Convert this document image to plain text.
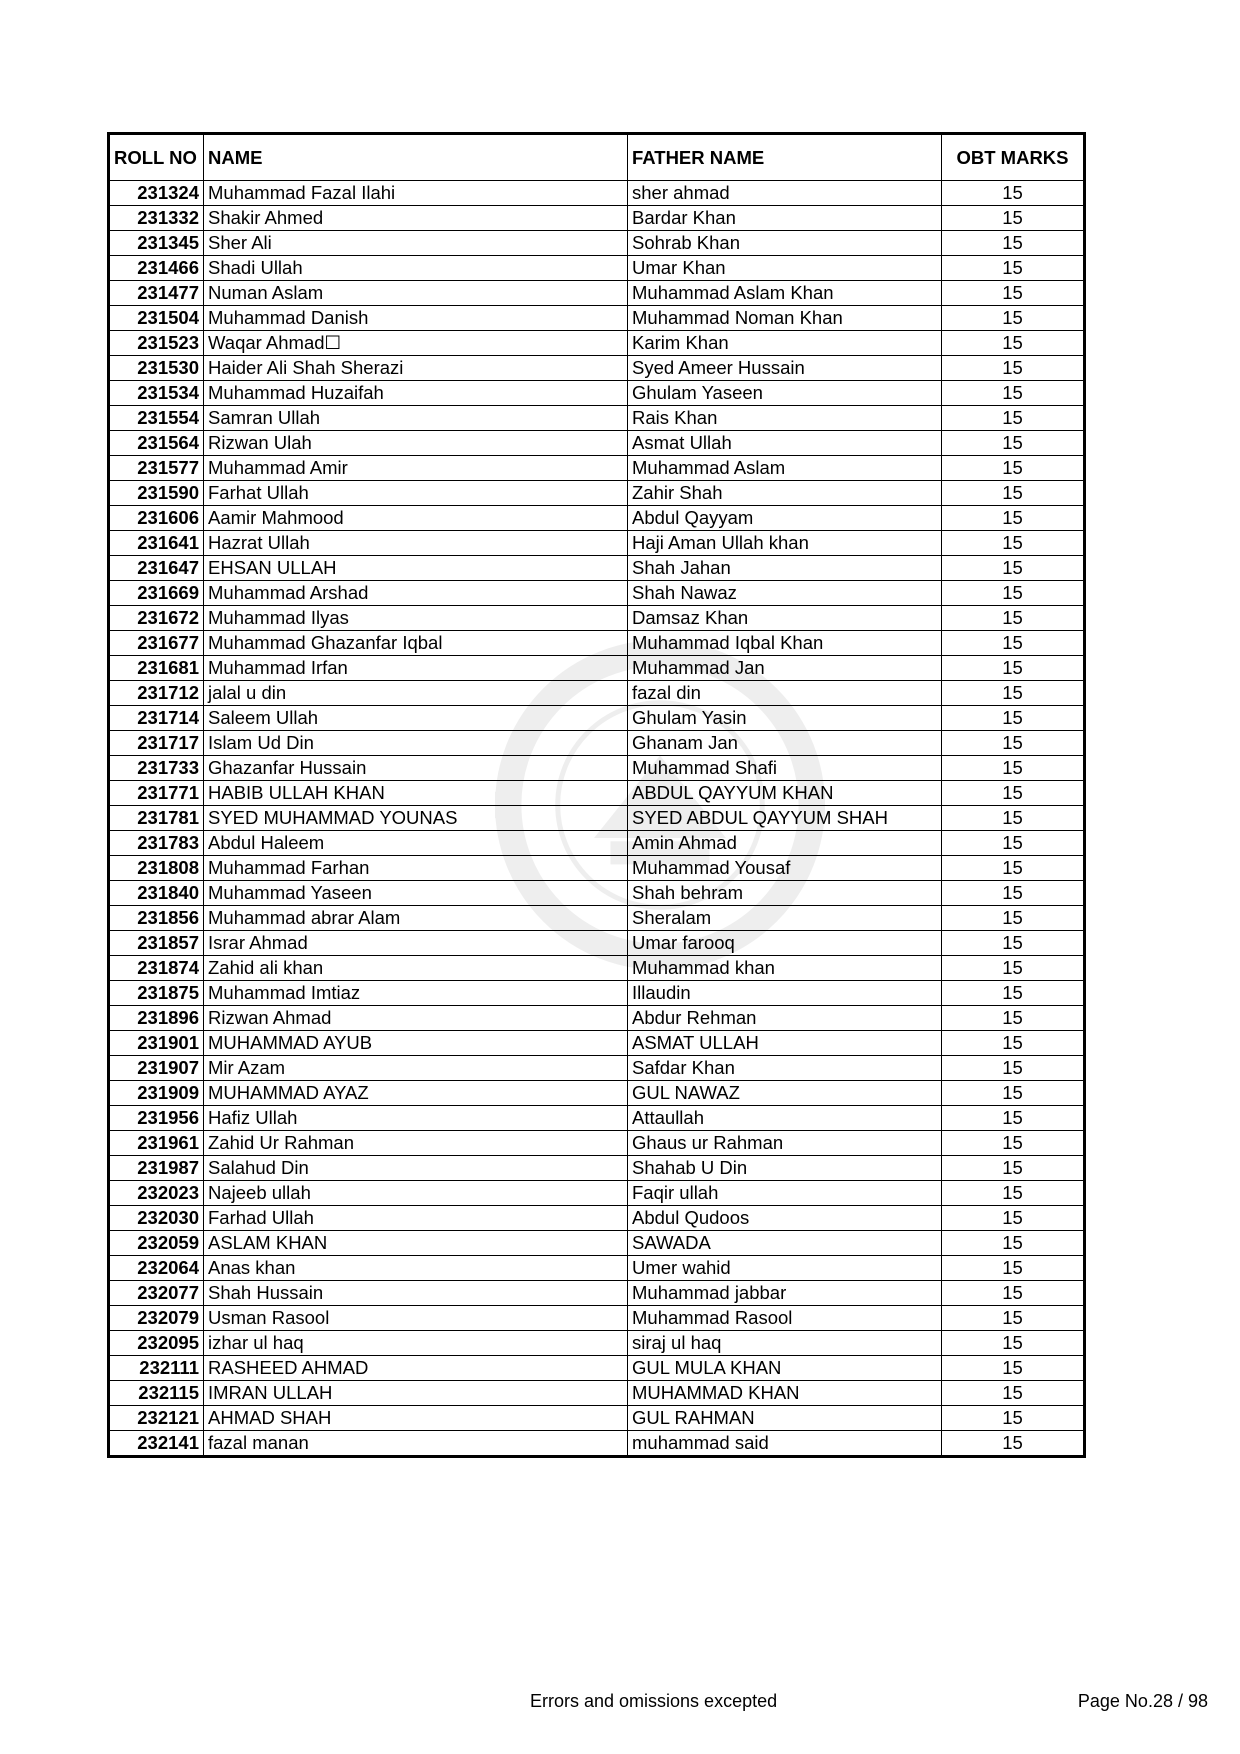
ROLL NO	NAME	FATHER NAME	OBT MARKS
231324	Muhammad Fazal Ilahi	sher ahmad	15
231332	Shakir Ahmed	Bardar Khan	15
231345	Sher Ali	Sohrab Khan	15
231466	Shadi Ullah	Umar Khan	15
231477	Numan Aslam	Muhammad Aslam Khan	15
231504	Muhammad Danish	Muhammad Noman Khan	15
231523	Waqar Ahmad☐	Karim Khan	15
231530	Haider Ali Shah Sherazi	Syed Ameer Hussain	15
231534	Muhammad Huzaifah	Ghulam Yaseen	15
231554	Samran Ullah	Rais Khan	15
231564	Rizwan Ulah	Asmat Ullah	15
231577	Muhammad Amir	Muhammad Aslam	15
231590	Farhat Ullah	Zahir Shah	15
231606	Aamir Mahmood	Abdul Qayyam	15
231641	Hazrat Ullah	Haji Aman Ullah khan	15
231647	EHSAN ULLAH	Shah Jahan	15
231669	Muhammad Arshad	Shah Nawaz	15
231672	Muhammad Ilyas	Damsaz Khan	15
231677	Muhammad Ghazanfar Iqbal	Muhammad Iqbal Khan	15
231681	Muhammad Irfan	Muhammad Jan	15
231712	jalal u din	fazal din	15
231714	Saleem Ullah	Ghulam Yasin	15
231717	Islam Ud Din	Ghanam Jan	15
231733	Ghazanfar Hussain	Muhammad Shafi	15
231771	HABIB ULLAH KHAN	ABDUL QAYYUM KHAN	15
231781	SYED MUHAMMAD YOUNAS	SYED ABDUL QAYYUM SHAH	15
231783	Abdul Haleem	Amin Ahmad	15
231808	Muhammad Farhan	Muhammad Yousaf	15
231840	Muhammad Yaseen	Shah behram	15
231856	Muhammad abrar Alam	Sheralam	15
231857	Israr Ahmad	Umar farooq	15
231874	Zahid ali khan	Muhammad khan	15
231875	Muhammad Imtiaz	Illaudin	15
231896	Rizwan Ahmad	Abdur Rehman	15
231901	MUHAMMAD AYUB	ASMAT ULLAH	15
231907	Mir Azam	Safdar Khan	15
231909	MUHAMMAD AYAZ	GUL NAWAZ	15
231956	Hafiz Ullah	Attaullah	15
231961	Zahid Ur Rahman	Ghaus ur Rahman	15
231987	Salahud Din	Shahab U Din	15
232023	Najeeb ullah	Faqir ullah	15
232030	Farhad Ullah	Abdul Qudoos	15
232059	ASLAM KHAN	SAWADA	15
232064	Anas khan	Umer wahid	15
232077	Shah Hussain	Muhammad jabbar	15
232079	Usman Rasool	Muhammad Rasool	15
232095	izhar ul haq	siraj ul haq	15
232111	RASHEED AHMAD	GUL MULA KHAN	15
232115	IMRAN ULLAH	MUHAMMAD KHAN	15
232121	AHMAD SHAH	GUL RAHMAN	15
232141	fazal manan	muhammad said	15
Errors and omissions excepted	Page No.28 / 98
